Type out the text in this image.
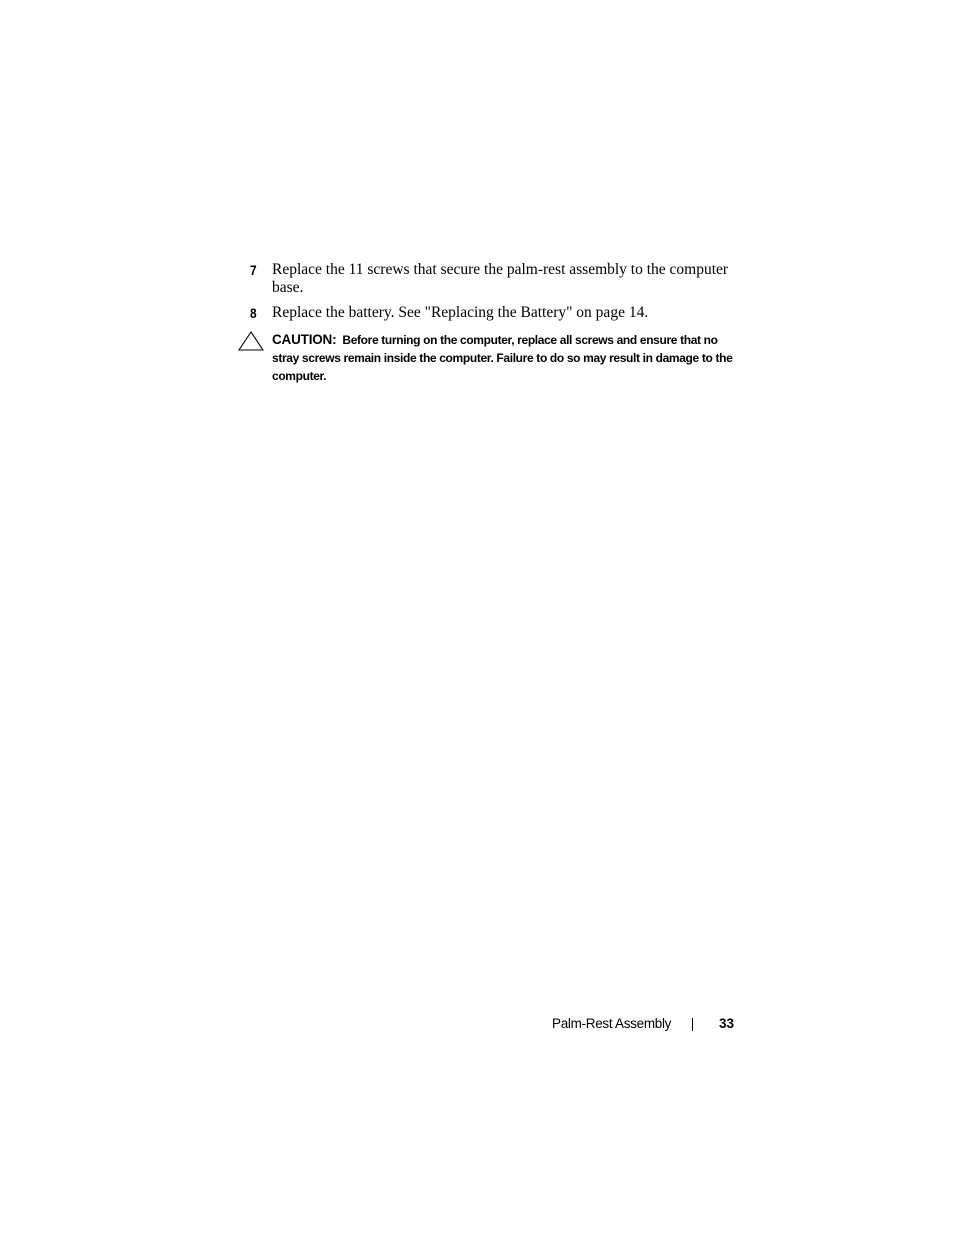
7 Replace the 11 screws that secure the palm-rest assembly to the computer base.
8 Replace the battery. See "Replacing the Battery" on page 14.
CAUTION: Before turning on the computer, replace all screws and ensure that no stray screws remain inside the computer. Failure to do so may result in damage to the computer.
Palm-Rest Assembly	33
